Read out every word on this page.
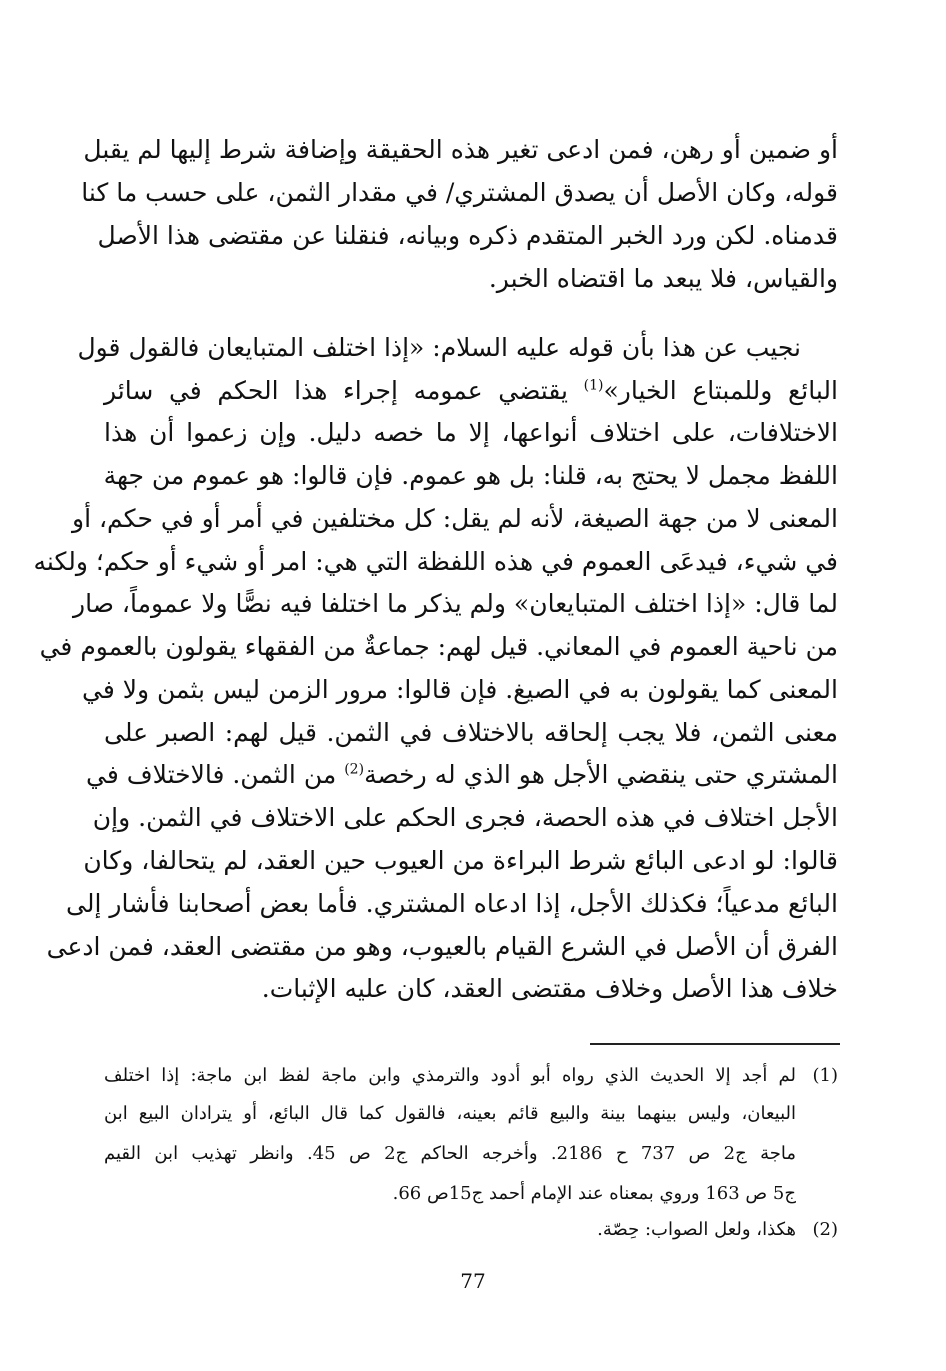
أو ضمين أو رهن، فمن ادعى تغير هذه الحقيقة وإضافة شرط إليها لم يقبل
قوله، وكان الأصل أن يصدق المشتري/ في مقدار الثمن، على حسب ما كنا
قدمناه. لكن ورد الخبر المتقدم ذكره وبيانه، فنقلنا عن مقتضى هذا الأصل
والقياس، فلا يبعد ما اقتضاه الخبر.
نجيب عن هذا بأن قوله عليه السلام: «إذا اختلف المتبايعان فالقول قول
البائع وللمبتاع الخيار»$^{(1)}$ يقتضي عمومه إجراء هذا الحكم في سائر
الاختلافات، على اختلاف أنواعها، إلا ما خصه دليل. وإن زعموا أن هذا
اللفظ مجمل لا يحتج به، قلنا: بل هو عموم. فإن قالوا: هو عموم من جهة
المعنى لا من جهة الصيغة، لأنه لم يقل: كل مختلفين في أمر أو في حكم، أو
في شيء، فيدعَى العموم في هذه اللفظة التي هي: امر أو شيء أو حكم؛ ولكنه
لما قال: «إذا اختلف المتبايعان» ولم يذكر ما اختلفا فيه نصًّا ولا عموماً، صار
من ناحية العموم في المعاني. قيل لهم: جماعةٌ من الفقهاء يقولون بالعموم في
المعنى كما يقولون به في الصيغ. فإن قالوا: مرور الزمن ليس بثمن ولا في
معنى الثمن، فلا يجب إلحاقه بالاختلاف في الثمن. قيل لهم: الصبر على
المشتري حتى ينقضي الأجل هو الذي له رخصة$^{(2)}$ من الثمن. فالاختلاف في
الأجل اختلاف في هذه الحصة، فجرى الحكم على الاختلاف في الثمن. وإن
قالوا: لو ادعى البائع شرط البراءة من العيوب حين العقد، لم يتحالفا، وكان
البائع مدعياً؛ فكذلك الأجل، إذا ادعاه المشتري. فأما بعض أصحابنا فأشار إلى
الفرق أن الأصل في الشرع القيام بالعيوب، وهو من مقتضى العقد، فمن ادعى
خلاف هذا الأصل وخلاف مقتضى العقد، كان عليه الإثبات.
(1)
لم أجد إلا الحديث الذي رواه أبو أدود والترمذي وابن ماجة لفظ ابن ماجة: إذا اختلف
البيعان، وليس بينهما بينة والبيع قائم بعينه، فالقول كما قال البائع، أو يترادان البيع ابن
ماجة ج2 ص 737 ح 2186. وأخرجه الحاكم ج2 ص 45. وانظر تهذيب ابن القيم
ج5 ص 163 وروي بمعناه عند الإمام أحمد ج15ص 66.
(2)
هكذا، ولعل الصواب: حِصّة.
77
